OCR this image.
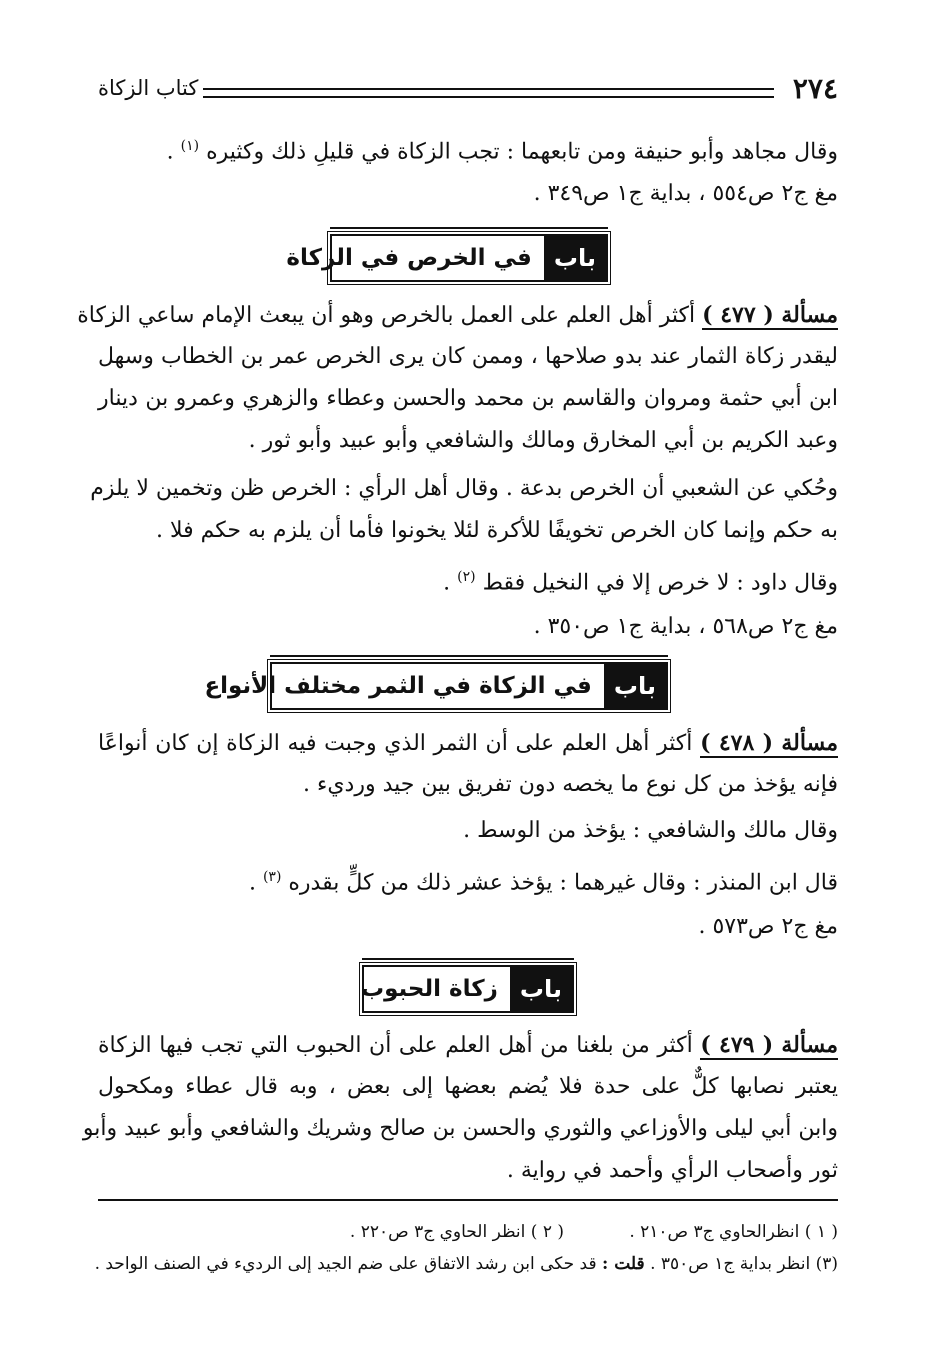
٢٧٤
كتاب الزكاة
وقال مجاهد وأبو حنيفة ومن تابعهما : تجب الزكاة في قليلِ ذلك وكثيره $^{(١)}$ .
مغ ج٢ ص٥٥٤ ، بداية ج١ ص٣٤٩ .
باب
في الخرص في الزكاة
مسألة ( ٤٧٧ ) أكثر أهل العلم على العمل بالخرص وهو أن يبعث الإمام ساعي الزكاة
ليقدر زكاة الثمار عند بدو صلاحها ، وممن كان يرى الخرص عمر بن الخطاب وسهل
ابن أبي حثمة ومروان والقاسم بن محمد والحسن وعطاء والزهري وعمرو بن دينار
وعبد الكريم بن أبي المخارق ومالك والشافعي وأبو عبيد وأبو ثور .
وحُكي عن الشعبي أن الخرص بدعة . وقال أهل الرأي : الخرص ظن وتخمين لا يلزم
به حكم وإنما كان الخرص تخويفًا للأكرة لئلا يخونوا فأما أن يلزم به حكم فلا .
وقال داود : لا خرص إلا في النخيل فقط $^{(٢)}$ .
مغ ج٢ ص٥٦٨ ، بداية ج١ ص٣٥٠ .
باب
في الزكاة في الثمر مختلف الأنواع
مسألة ( ٤٧٨ ) أكثر أهل العلم على أن الثمر الذي وجبت فيه الزكاة إن كان أنواعًا
فإنه يؤخذ من كل نوع ما يخصه دون تفريق بين جيد ورديء .
وقال مالك والشافعي : يؤخذ من الوسط .
قال ابن المنذر : وقال غيرهما : يؤخذ عشر ذلك من كلٍّ بقدره $^{(٣)}$ .
مغ ج٢ ص٥٧٣ .
باب
زكاة الحبوب
مسألة ( ٤٧٩ ) أكثر من بلغنا من أهل العلم على أن الحبوب التي تجب فيها الزكاة
يعتبر نصابها كلٌّ على حدة فلا يُضم بعضها إلى بعض ، وبه قال عطاء ومكحول
وابن أبي ليلى والأوزاعي والثوري والحسن بن صالح وشريك والشافعي وأبو عبيد وأبو
ثور وأصحاب الرأي وأحمد في رواية .
( ١ ) انظرالحاوي ج٣ ص٢١٠ .
( ٢ ) انظر الحاوي ج٣ ص٢٢٠ .
(٣) انظر بداية ج١ ص٣٥٠ . قلت : قد حكى ابن رشد الاتفاق على ضم الجيد إلى الرديء في الصنف الواحد .
